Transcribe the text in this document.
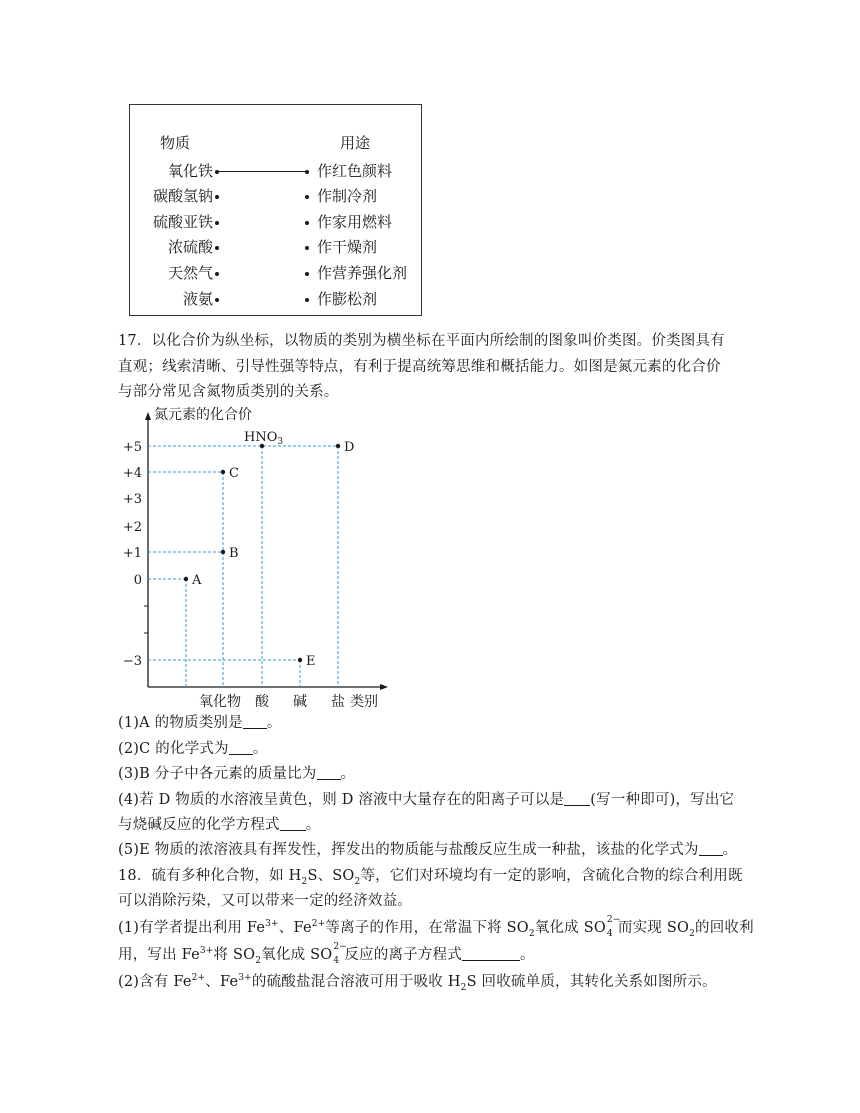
物质	用途
氧化铁
碳酸氢钠
硫酸亚铁
浓硫酸
天然气
液氨
作红色颜料
作制冷剂
作家用燃料
作干燥剂
作营养强化剂
作膨松剂
17．以化合价为纵坐标，以物质的类别为横坐标在平面内所绘制的图象叫价类图。价类图具有
直观；线索清晰、引导性强等特点，有利于提高统筹思维和概括能力。如图是氮元素的化合价
与部分常见含氮物质类别的关系。
氮元素的化合价
类别
+5
+4
+3
+2
+1
0
−3
氧化物 酸 碱 盐
A
B
C
$HNO_3$
E
D
(1)A 的物质类别是 。
(2)C 的化学式为 。
(3)B 分子中各元素的质量比为 。
(4)若 D 物质的水溶液呈黄色，则 D 溶液中大量存在的阳离子可以是 (写一种即可)，写出它
与烧碱反应的化学方程式 。
(5)E 物质的浓溶液具有挥发性，挥发出的物质能与盐酸反应生成一种盐，该盐的化学式为 。
18．硫有多种化合物，如 $H_2S$、$SO_2$等，它们对环境均有一定的影响，含硫化合物的综合利用既
可以消除污染，又可以带来一定的经济效益。
(1)有学者提出利用 $Fe^{3+}$、$Fe^{2+}$等离子的作用，在常温下将 $SO_2$氧化成 SO 2−
4 而实现 $SO_2$的回收利
用，写出 $Fe^{3+}$将 $SO_2$氧化成 SO 2−
4 反应的离子方程式	。
(2)含有 $Fe^{2+}$、$Fe^{3+}$的硫酸盐混合溶液可用于吸收 $H_2S$ 回收硫单质，其转化关系如图所示。
